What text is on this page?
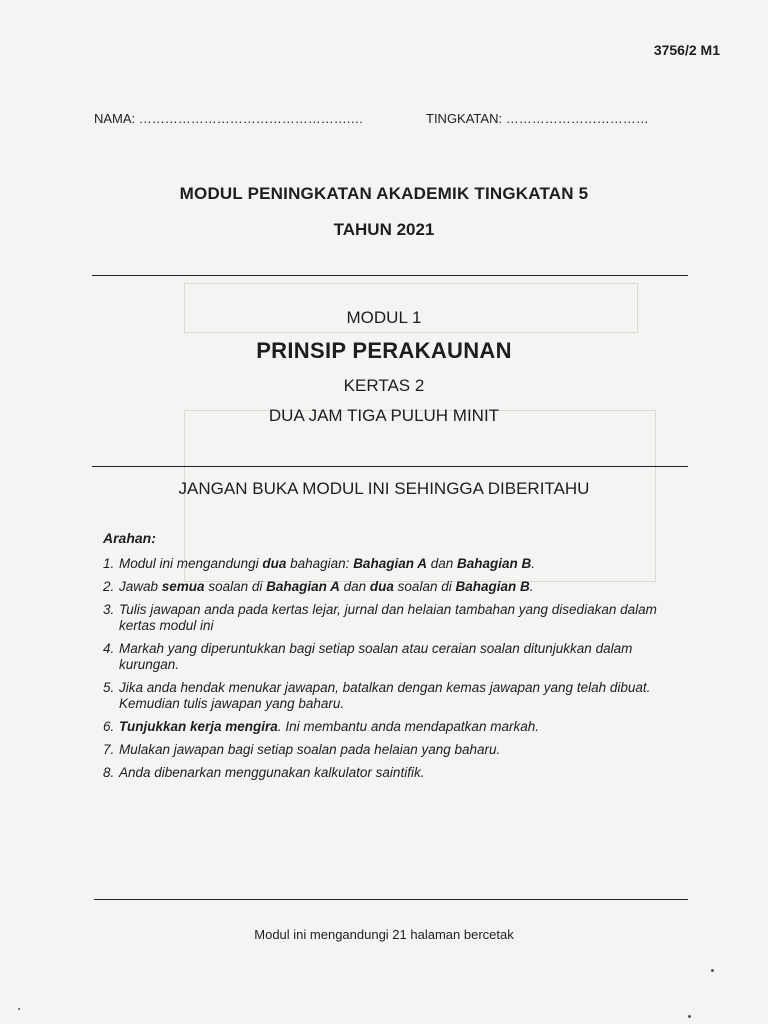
3756/2 M1
NAMA: ………………………………………….…	TINGKATAN: ……………………………
MODUL PENINGKATAN AKADEMIK TINGKATAN 5
TAHUN 2021
MODUL 1
PRINSIP PERAKAUNAN
KERTAS 2
DUA JAM TIGA PULUH MINIT
JANGAN BUKA MODUL INI SEHINGGA DIBERITAHU
Arahan:
1. Modul ini mengandungi dua bahagian: Bahagian A dan Bahagian B.
2. Jawab semua soalan di Bahagian A dan dua soalan di Bahagian B.
3. Tulis jawapan anda pada kertas lejar, jurnal dan helaian tambahan yang disediakan dalam kertas modul ini
4. Markah yang diperuntukkan bagi setiap soalan atau ceraian soalan ditunjukkan dalam kurungan.
5. Jika anda hendak menukar jawapan, batalkan dengan kemas jawapan yang telah dibuat. Kemudian tulis jawapan yang baharu.
6. Tunjukkan kerja mengira. Ini membantu anda mendapatkan markah.
7. Mulakan jawapan bagi setiap soalan pada helaian yang baharu.
8. Anda dibenarkan menggunakan kalkulator saintifik.
Modul ini mengandungi 21 halaman bercetak
